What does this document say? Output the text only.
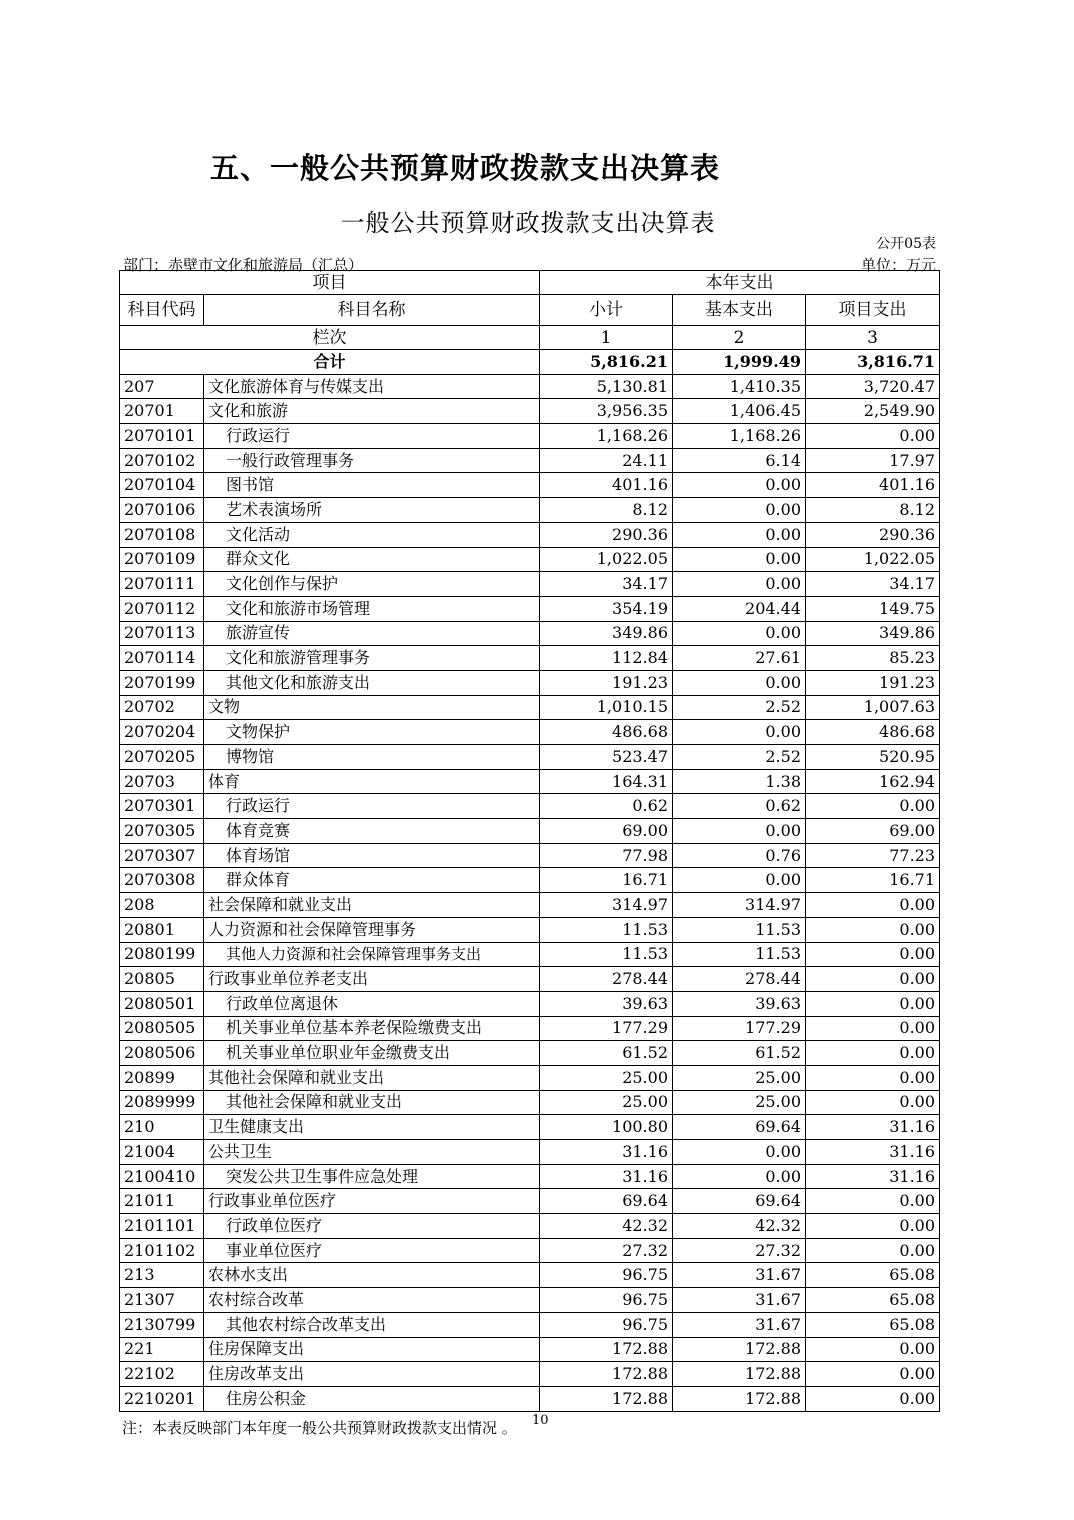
五、一般公共预算财政拨款支出决算表
一般公共预算财政拨款支出决算表
公开05表
部门：赤壁市文化和旅游局（汇总）	单位：万元
项目		本年支出		
科目代码	科目名称	小计	基本支出	项目支出
栏次		1	2	3
合计		5,816.21	1,999.49	3,816.71
207	文化旅游体育与传媒支出	5,130.81	1,410.35	3,720.47
20701	文化和旅游	3,956.35	1,406.45	2,549.90
2070101	行政运行	1,168.26	1,168.26	0.00
2070102	一般行政管理事务	24.11	6.14	17.97
2070104	图书馆	401.16	0.00	401.16
2070106	艺术表演场所	8.12	0.00	8.12
2070108	文化活动	290.36	0.00	290.36
2070109	群众文化	1,022.05	0.00	1,022.05
2070111	文化创作与保护	34.17	0.00	34.17
2070112	文化和旅游市场管理	354.19	204.44	149.75
2070113	旅游宣传	349.86	0.00	349.86
2070114	文化和旅游管理事务	112.84	27.61	85.23
2070199	其他文化和旅游支出	191.23	0.00	191.23
20702	文物	1,010.15	2.52	1,007.63
2070204	文物保护	486.68	0.00	486.68
2070205	博物馆	523.47	2.52	520.95
20703	体育	164.31	1.38	162.94
2070301	行政运行	0.62	0.62	0.00
2070305	体育竞赛	69.00	0.00	69.00
2070307	体育场馆	77.98	0.76	77.23
2070308	群众体育	16.71	0.00	16.71
208	社会保障和就业支出	314.97	314.97	0.00
20801	人力资源和社会保障管理事务	11.53	11.53	0.00
2080199	其他人力资源和社会保障管理事务支出	11.53	11.53	0.00
20805	行政事业单位养老支出	278.44	278.44	0.00
2080501	行政单位离退休	39.63	39.63	0.00
2080505	机关事业单位基本养老保险缴费支出	177.29	177.29	0.00
2080506	机关事业单位职业年金缴费支出	61.52	61.52	0.00
20899	其他社会保障和就业支出	25.00	25.00	0.00
2089999	其他社会保障和就业支出	25.00	25.00	0.00
210	卫生健康支出	100.80	69.64	31.16
21004	公共卫生	31.16	0.00	31.16
2100410	突发公共卫生事件应急处理	31.16	0.00	31.16
21011	行政事业单位医疗	69.64	69.64	0.00
2101101	行政单位医疗	42.32	42.32	0.00
2101102	事业单位医疗	27.32	27.32	0.00
213	农林水支出	96.75	31.67	65.08
21307	农村综合改革	96.75	31.67	65.08
2130799	其他农村综合改革支出	96.75	31.67	65.08
221	住房保障支出	172.88	172.88	0.00
22102	住房改革支出	172.88	172.88	0.00
2210201	住房公积金	172.88	172.88	0.00
10
注：本表反映部门本年度一般公共预算财政拨款支出情况 。
